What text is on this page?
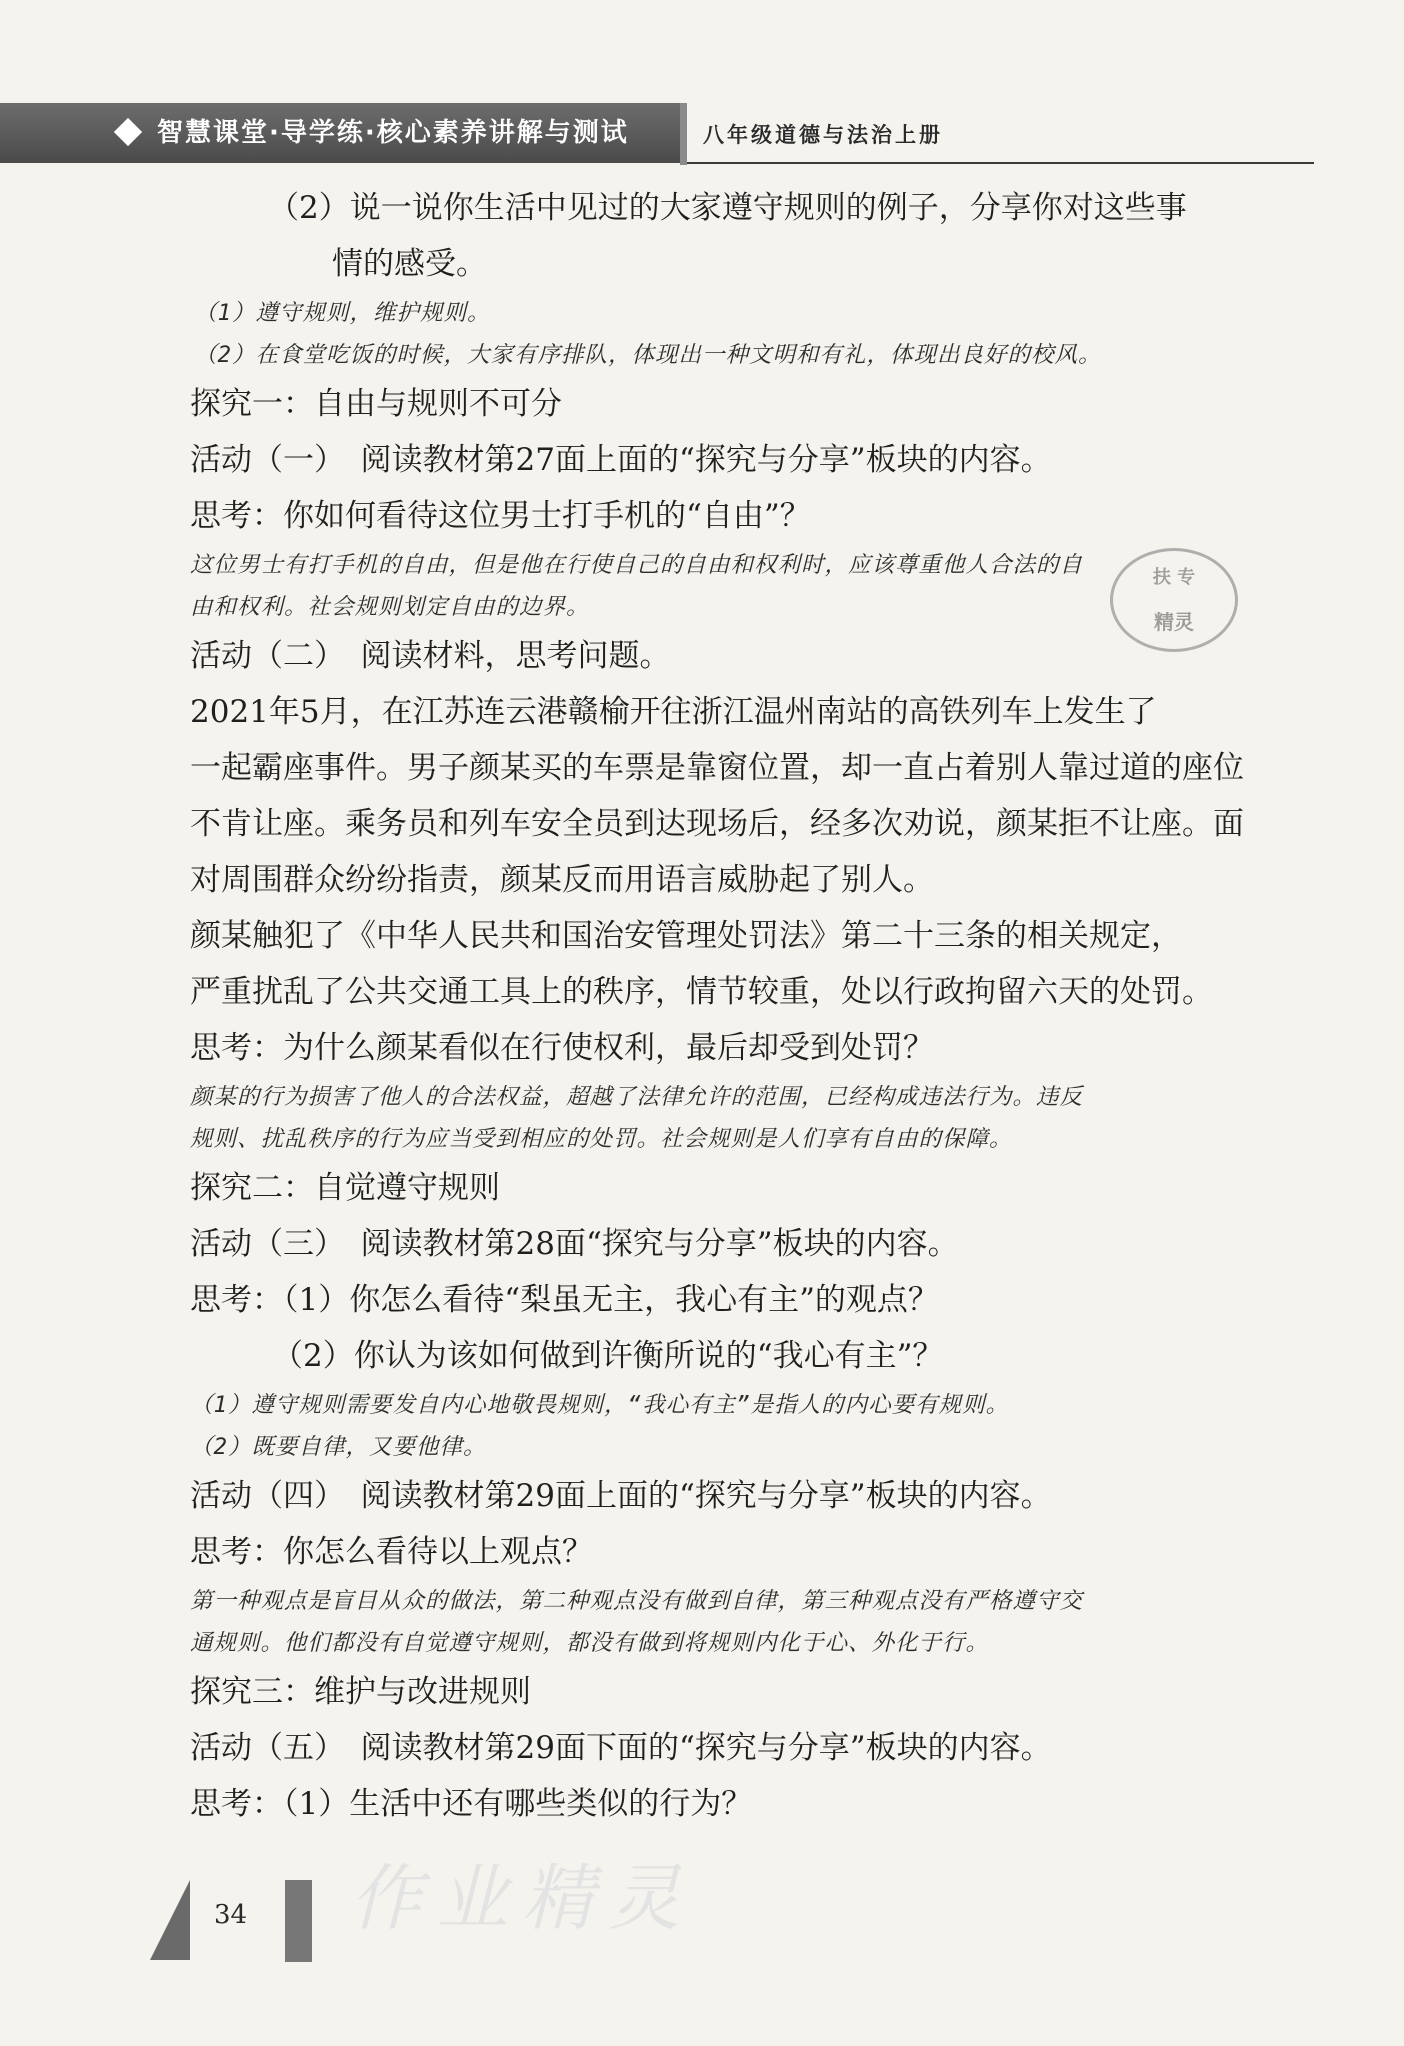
智慧课堂·导学练·核心素养讲解与测试	八年级道德与法治上册
（2）说一说你生活中见过的大家遵守规则的例子，分享你对这些事
情的感受。
（1）遵守规则，维护规则。
（2）在食堂吃饭的时候，大家有序排队，体现出一种文明和有礼，体现出良好的校风。
探究一：自由与规则不可分
活动（一）　阅读教材第27面上面的“探究与分享”板块的内容。
思考：你如何看待这位男士打手机的“自由”？
这位男士有打手机的自由，但是他在行使自己的自由和权利时，应该尊重他人合法的自
由和权利。社会规则划定自由的边界。
活动（二）　阅读材料，思考问题。
2021年5月，在江苏连云港赣榆开往浙江温州南站的高铁列车上发生了
一起霸座事件。男子颜某买的车票是靠窗位置，却一直占着别人靠过道的座位
不肯让座。乘务员和列车安全员到达现场后，经多次劝说，颜某拒不让座。面
对周围群众纷纷指责，颜某反而用语言威胁起了别人。
颜某触犯了《中华人民共和国治安管理处罚法》第二十三条的相关规定，
严重扰乱了公共交通工具上的秩序，情节较重，处以行政拘留六天的处罚。
思考：为什么颜某看似在行使权利，最后却受到处罚？
颜某的行为损害了他人的合法权益，超越了法律允许的范围，已经构成违法行为。违反
规则、扰乱秩序的行为应当受到相应的处罚。社会规则是人们享有自由的保障。
探究二：自觉遵守规则
活动（三）　阅读教材第28面“探究与分享”板块的内容。
思考：（1）你怎么看待“梨虽无主，我心有主”的观点？
（2）你认为该如何做到许衡所说的“我心有主”？
（1）遵守规则需要发自内心地敬畏规则，“我心有主”是指人的内心要有规则。
（2）既要自律，又要他律。
活动（四）　阅读教材第29面上面的“探究与分享”板块的内容。
思考：你怎么看待以上观点？
第一种观点是盲目从众的做法，第二种观点没有做到自律，第三种观点没有严格遵守交
通规则。他们都没有自觉遵守规则，都没有做到将规则内化于心、外化于行。
探究三：维护与改进规则
活动（五）　阅读教材第29面下面的“探究与分享”板块的内容。
思考：（1）生活中还有哪些类似的行为？
扶 专
精灵
作业精灵
34
